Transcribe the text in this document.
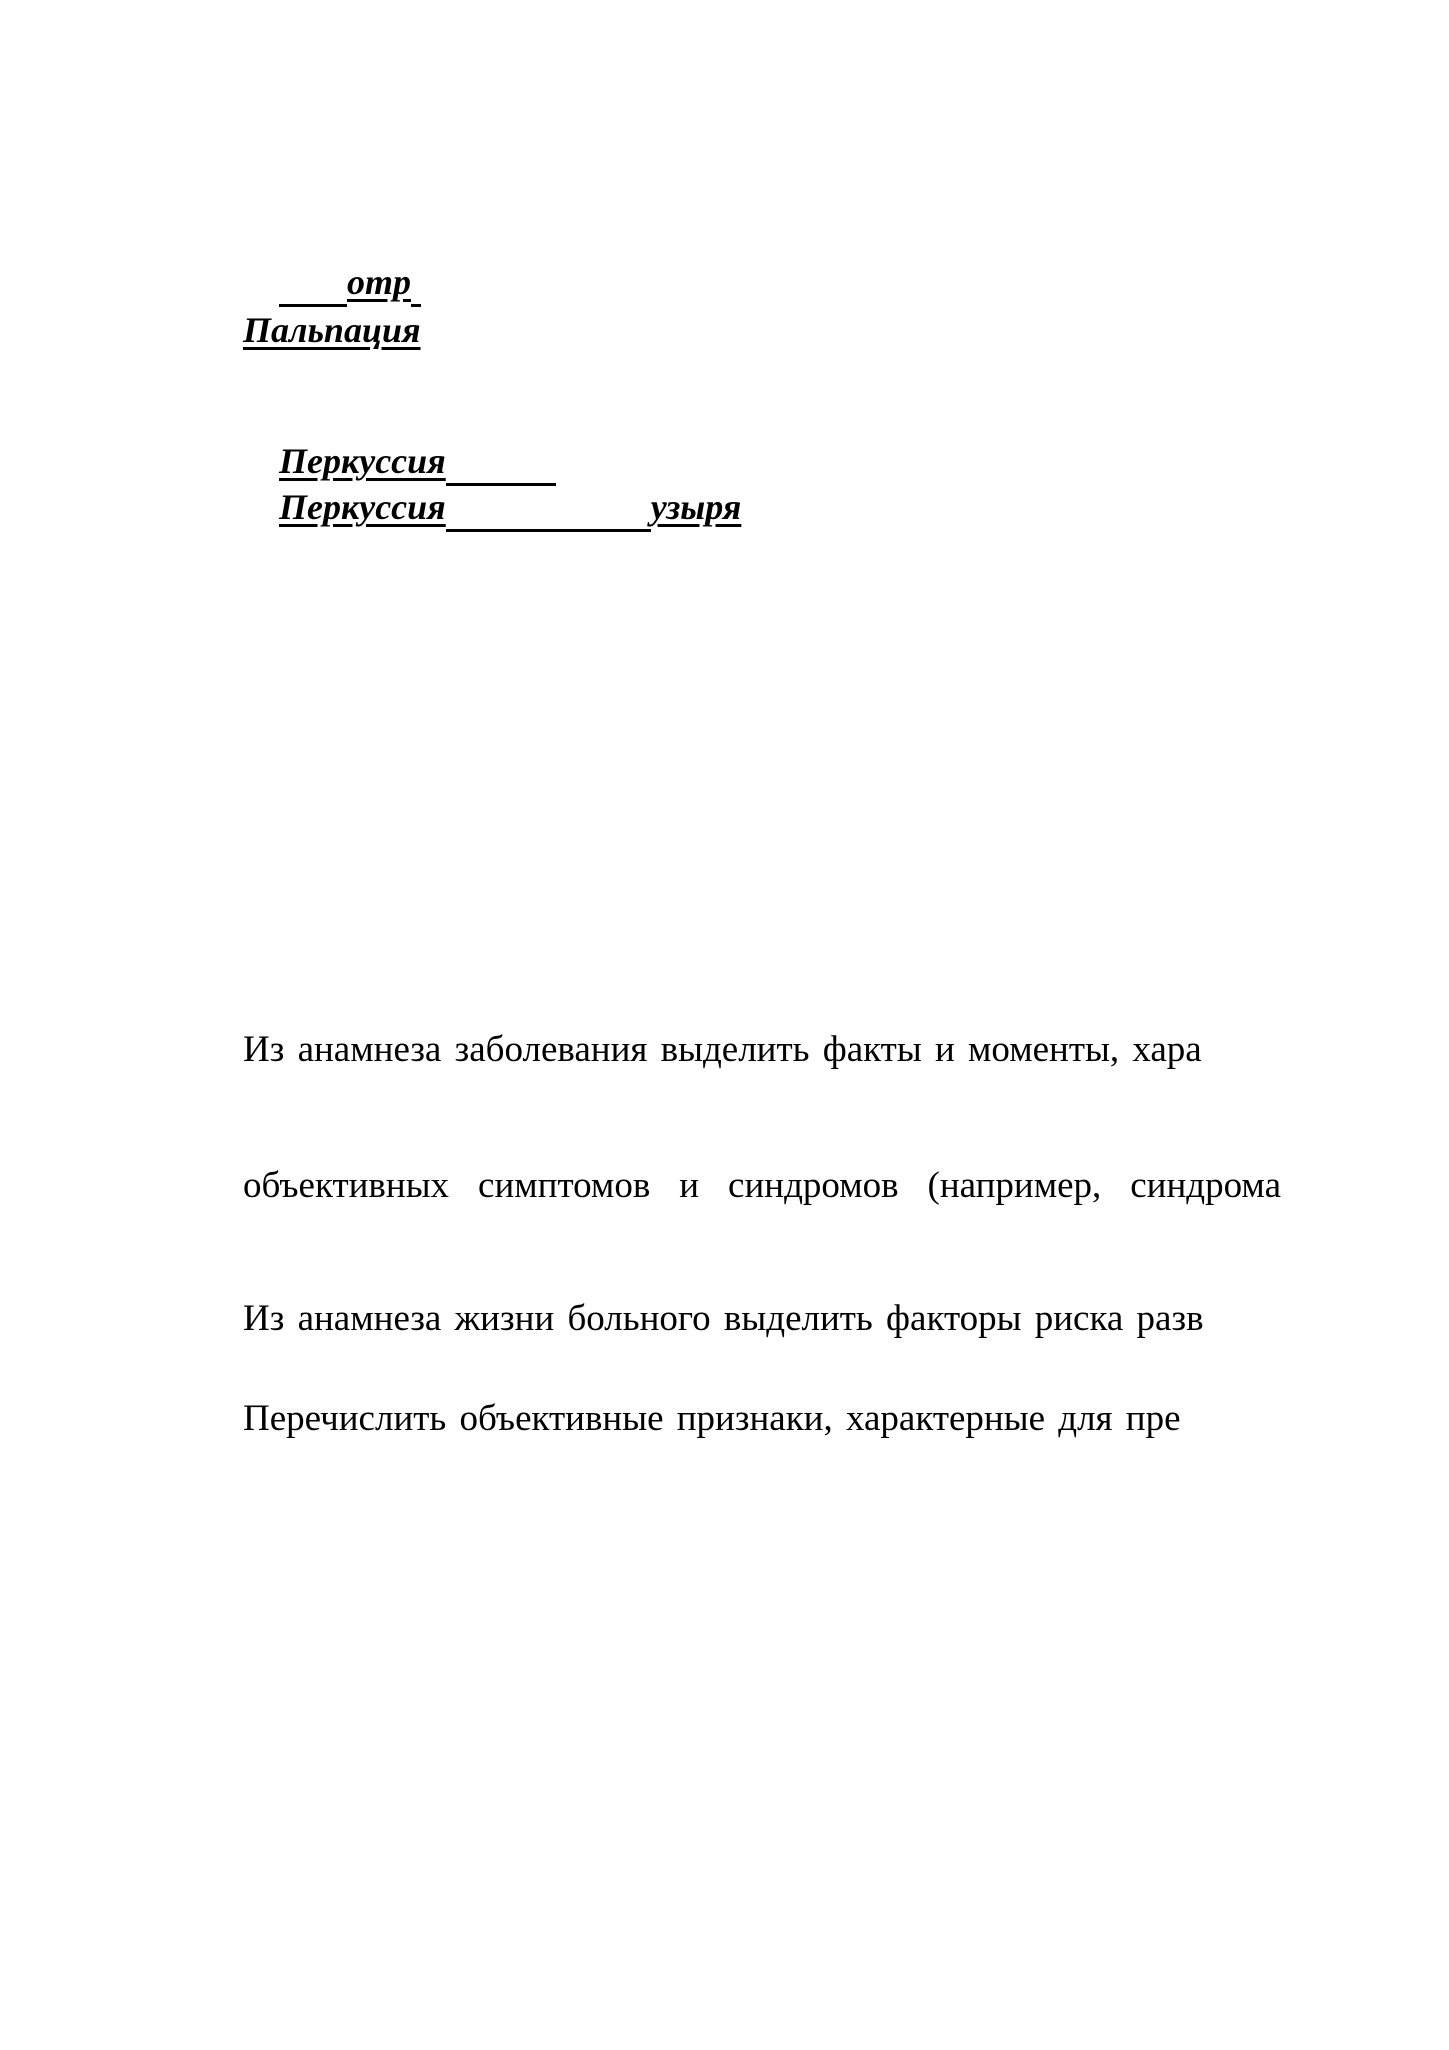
отр

Пальпация

Перкуссия

Перкуссия	узыря

Из анамнеза заболевания выделить факты и моменты, хара
объективных симптомов и синдромов (например, синдрома
Из анамнеза жизни больного выделить факторы риска разв
Перечислить объективные признаки, характерные для пре
